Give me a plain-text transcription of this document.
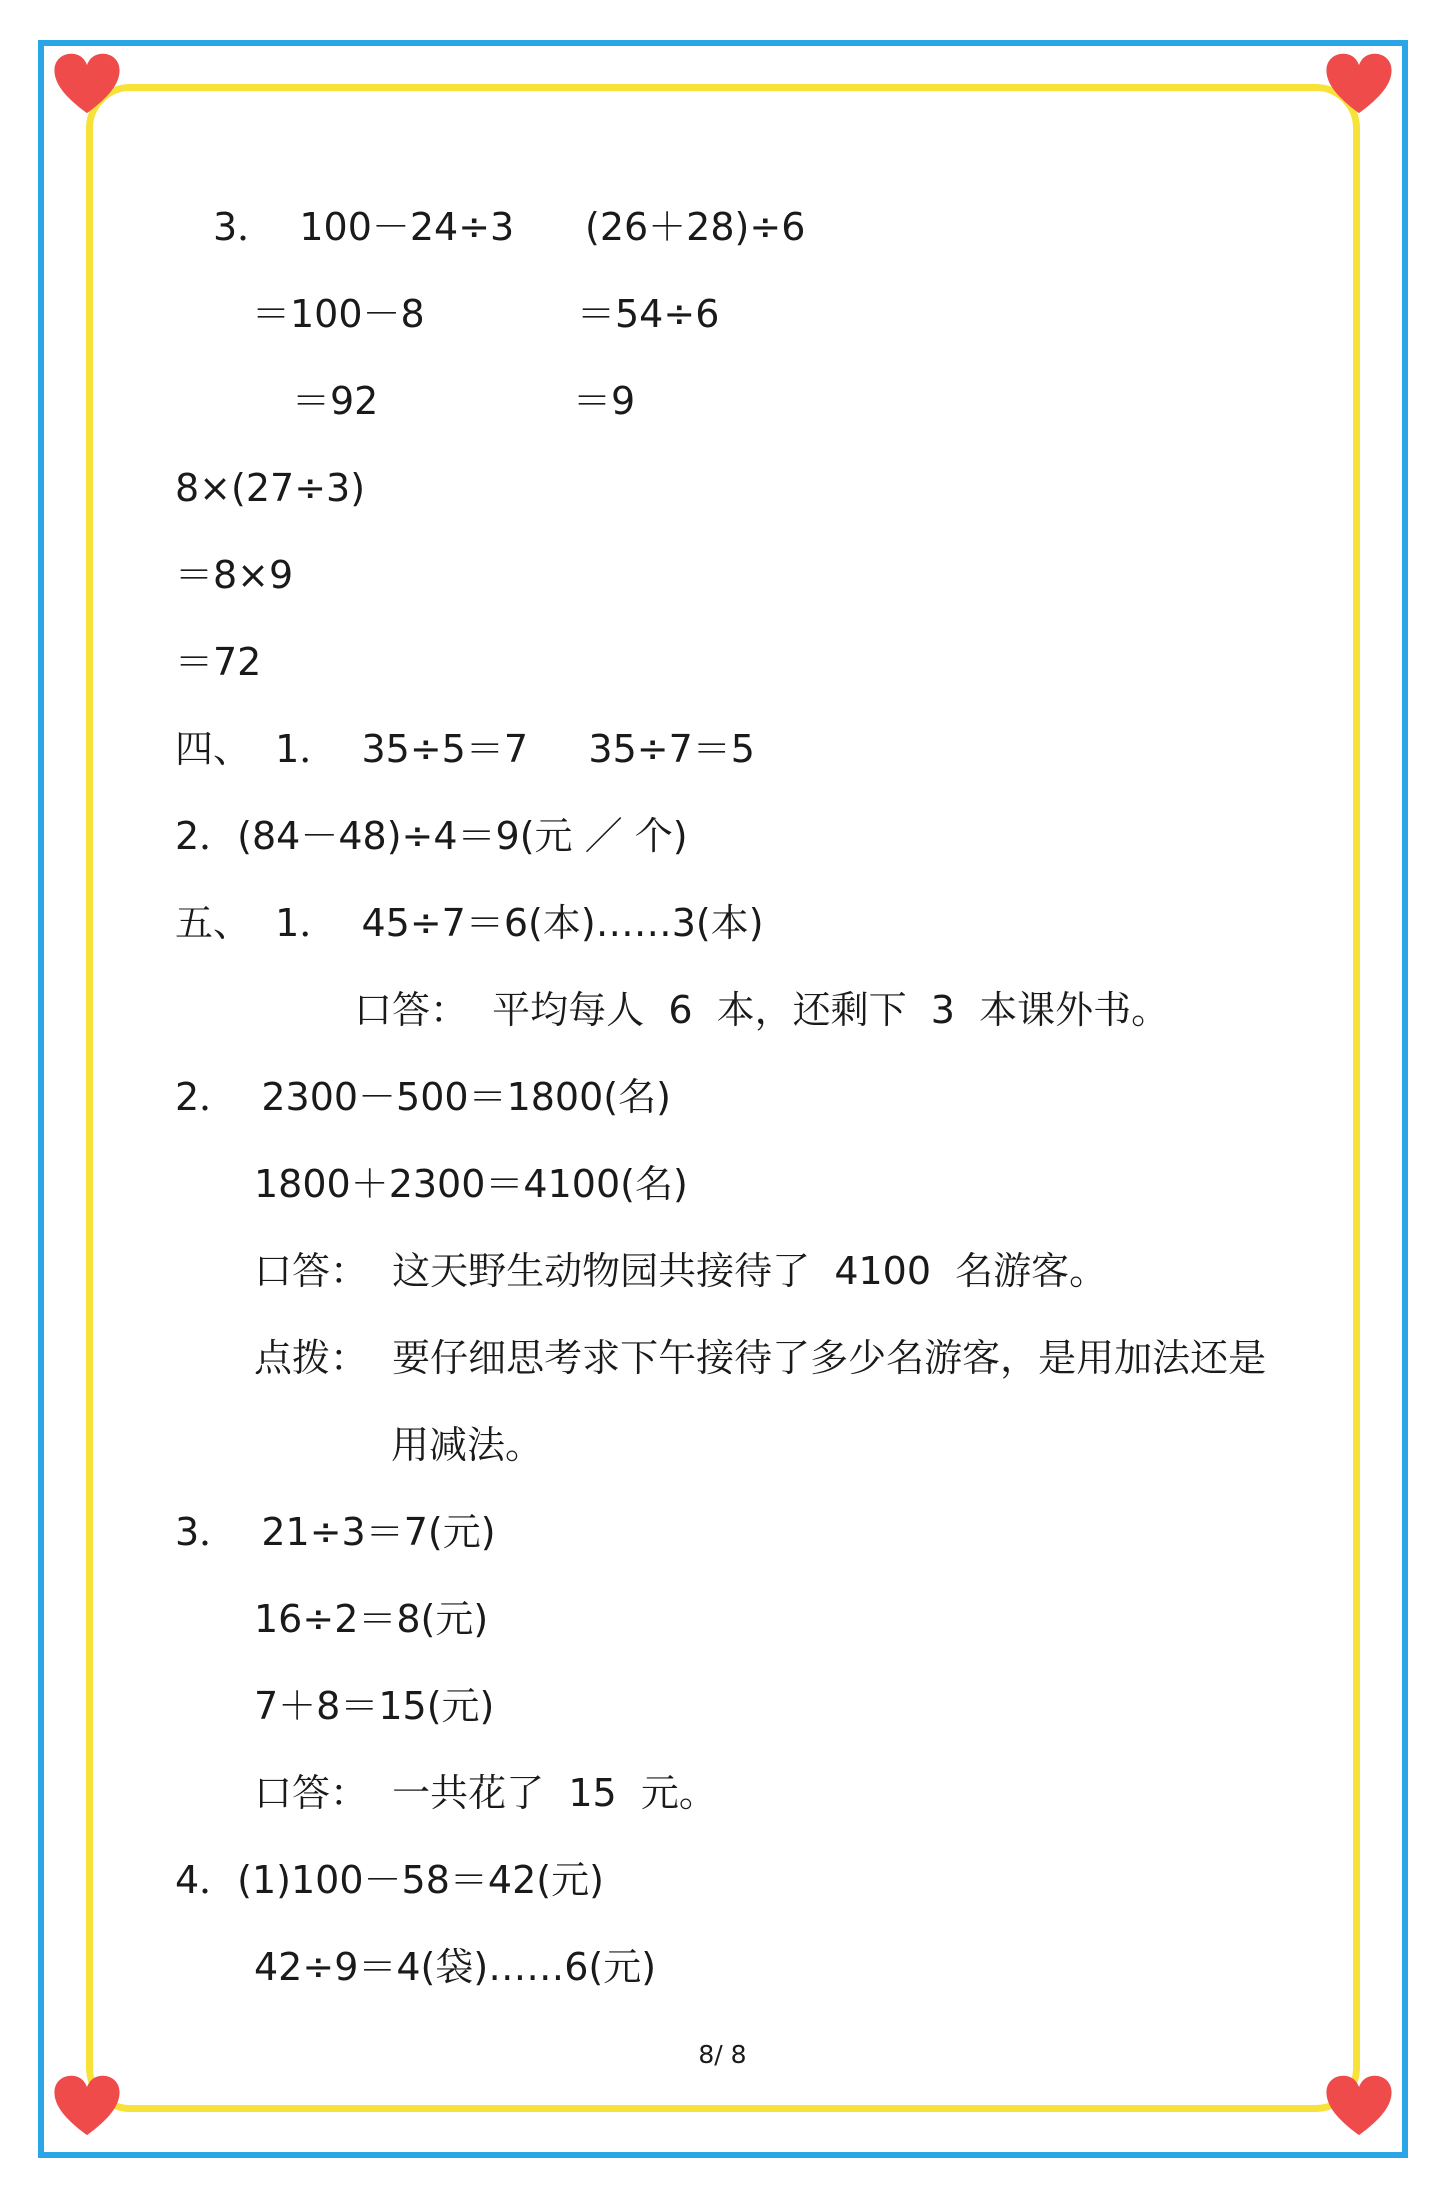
3．  100－24÷3 (26＋28)÷6
＝100－8	＝54÷6
＝92	＝9
8×(27÷3)
＝8×9
＝72
四、  1．  35÷5＝7     35÷7＝5
2．(84－48)÷4＝9(元 ／ 个)
五、  1．  45÷7＝6(本)……3(本)
口答：  平均每人  6  本，还剩下  3  本课外书。
2．  2300－500＝1800(名)
1800＋2300＝4100(名)
口答：  这天野生动物园共接待了  4100  名游客。
点拨：  要仔细思考求下午接待了多少名游客，是用加法还是
用减法。
3．  21÷3＝7(元)
16÷2＝8(元)
7＋8＝15(元)
口答：  一共花了  15  元。
4．(1)100－58＝42(元)
42÷9＝4(袋)……6(元)
8/ 8
